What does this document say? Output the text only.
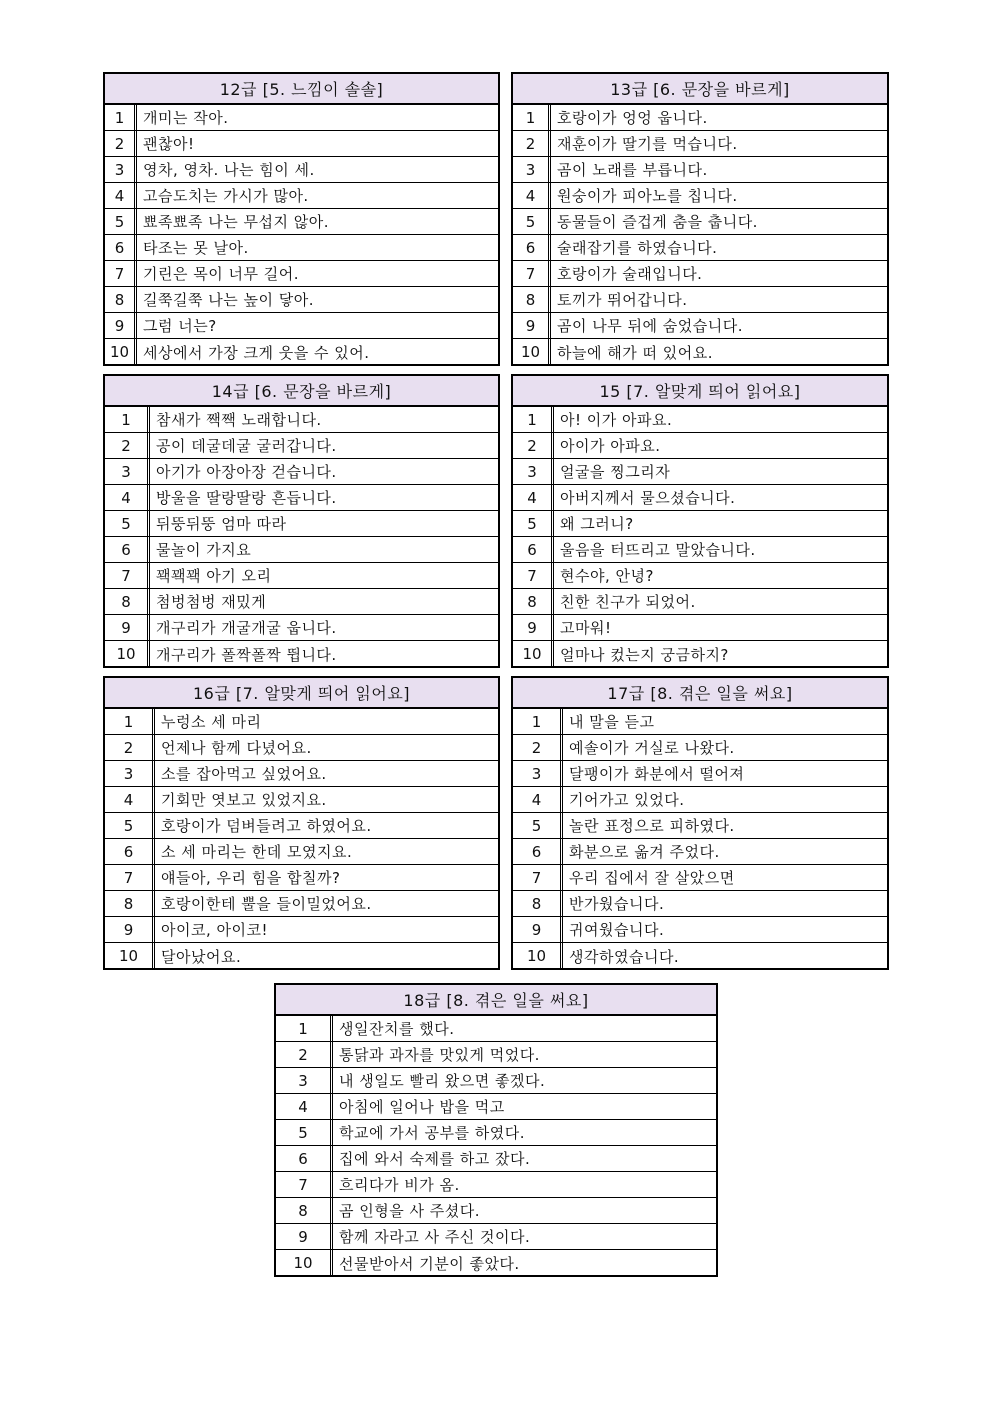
12급 [5. 느낌이 솔솔]
1	개미는 작아.
2	괜찮아!
3	영차, 영차. 나는 힘이 세.
4	고슴도치는 가시가 많아.
5	뾰족뾰족 나는 무섭지 않아.
6	타조는 못 날아.
7	기린은 목이 너무 길어.
8	길쭉길쭉 나는 높이 닿아.
9	그럼 너는?
10 세상에서 가장 크게 웃을 수 있어.
13급 [6. 문장을 바르게]
1	호랑이가 엉엉 웁니다.
2	재훈이가 딸기를 먹습니다.
3	곰이 노래를 부릅니다.
4	원숭이가 피아노를 칩니다.
5	동물들이 즐겁게 춤을 춥니다.
6	술래잡기를 하였습니다.
7	호랑이가 술래입니다.
8	토끼가 뛰어갑니다.
9	곰이 나무 뒤에 숨었습니다.
10	하늘에 해가 떠 있어요.
14급 [6. 문장을 바르게]
1	참새가 짹짹 노래합니다.
2	공이 데굴데굴 굴러갑니다.
3	아기가 아장아장 걷습니다.
4	방울을 딸랑딸랑 흔듭니다.
5	뒤뚱뒤뚱 엄마 따라
6	물놀이 가지요
7	꽥꽥꽥 아기 오리
8	첨벙첨벙 재밌게
9	개구리가 개굴개굴 웁니다.
10	개구리가 폴짝폴짝 뜁니다.
15 [7. 알맞게 띄어 읽어요]
1	아! 이가 아파요.
2	아이가 아파요.
3	얼굴을 찡그리자
4	아버지께서 물으셨습니다.
5	왜 그러니?
6	울음을 터뜨리고 말았습니다.
7	현수야, 안녕?
8	친한 친구가 되었어.
9	고마워!
10	얼마나 컸는지 궁금하지?
16급 [7. 알맞게 띄어 읽어요]
1	누렁소 세 마리
2	언제나 함께 다녔어요.
3	소를 잡아먹고 싶었어요.
4	기회만 엿보고 있었지요.
5	호랑이가 덤벼들려고 하였어요.
6	소 세 마리는 한데 모였지요.
7	얘들아, 우리 힘을 합칠까?
8	호랑이한테 뿔을 들이밀었어요.
9	아이코, 아이코!
10	달아났어요.
17급 [8. 겪은 일을 써요]
1	내 말을 듣고
2	예솔이가 거실로 나왔다.
3	달팽이가 화분에서 떨어져
4	기어가고 있었다.
5	놀란 표정으로 피하였다.
6	화분으로 옮겨 주었다.
7	우리 집에서 잘 살았으면
8	반가웠습니다.
9	귀여웠습니다.
10	생각하였습니다.
18급 [8. 겪은 일을 써요]
1	생일잔치를 했다.
2	통닭과 과자를 맛있게 먹었다.
3	내 생일도 빨리 왔으면 좋겠다.
4	아침에 일어나 밥을 먹고
5	학교에 가서 공부를 하였다.
6	집에 와서 숙제를 하고 잤다.
7	흐리다가 비가 옴.
8	곰 인형을 사 주셨다.
9	함께 자라고 사 주신 것이다.
10	선물받아서 기분이 좋았다.
